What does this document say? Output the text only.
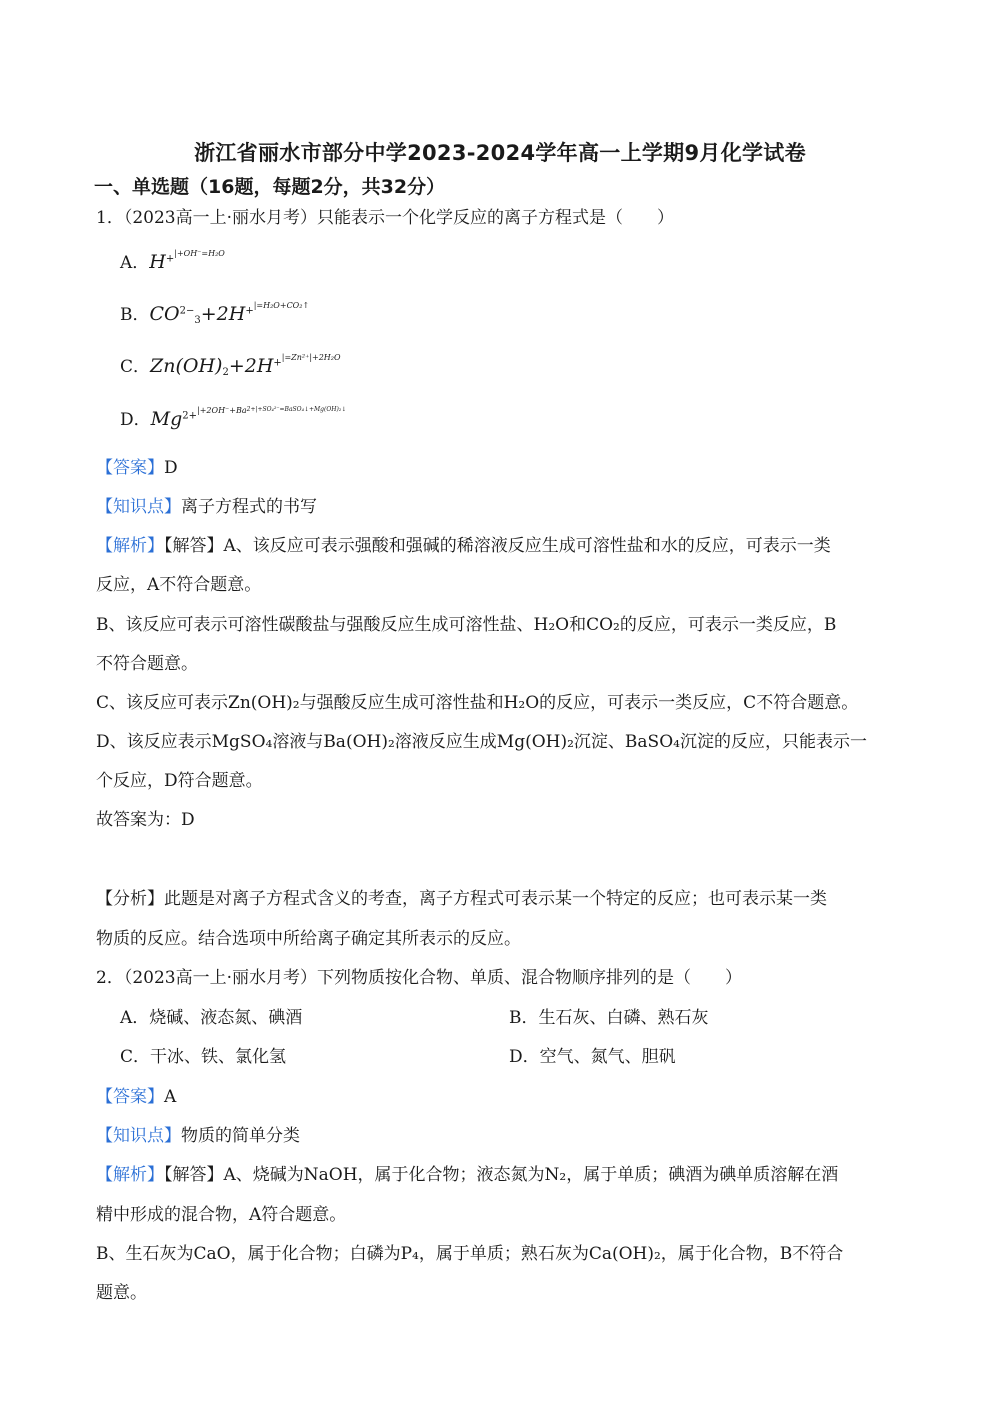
浙江省丽水市部分中学2023-2024学年高一上学期9月化学试卷
一、单选题（16题，每题2分，共32分）
1．（2023高一上·丽水月考）只能表示一个化学反应的离子方程式是（　　）
A．$H^{+|+OH^-=H_2O}$
B．$CO^{2-}_3+2H^{+|=H_2O+CO_2↑}$
C．$Zn(OH)_2+2H^{+|=Zn^{2+}|+2H_2O}$
D．$Mg^{2+|+2OH^-+Ba2+|+SO_4^{2-}=BaSO_4↓+Mg(OH)_2↓}$
【答案】D
【知识点】离子方程式的书写
【解析】【解答】A、该反应可表示强酸和强碱的稀溶液反应生成可溶性盐和水的反应，可表示一类
反应，A不符合题意。
B、该反应可表示可溶性碳酸盐与强酸反应生成可溶性盐、H₂O和CO₂的反应，可表示一类反应，B
不符合题意。
C、该反应可表示Zn(OH)₂与强酸反应生成可溶性盐和H₂O的反应，可表示一类反应，C不符合题意。
D、该反应表示MgSO₄溶液与Ba(OH)₂溶液反应生成Mg(OH)₂沉淀、BaSO₄沉淀的反应，只能表示一
个反应，D符合题意。
故答案为：D
【分析】此题是对离子方程式含义的考查，离子方程式可表示某一个特定的反应；也可表示某一类
物质的反应。结合选项中所给离子确定其所表示的反应。
2．（2023高一上·丽水月考）下列物质按化合物、单质、混合物顺序排列的是（　　）
A．烧碱、液态氮、碘酒	B．生石灰、白磷、熟石灰
C．干冰、铁、氯化氢	D．空气、氮气、胆矾
【答案】A
【知识点】物质的简单分类
【解析】【解答】A、烧碱为NaOH，属于化合物；液态氮为N₂，属于单质；碘酒为碘单质溶解在酒
精中形成的混合物，A符合题意。
B、生石灰为CaO，属于化合物；白磷为P₄，属于单质；熟石灰为Ca(OH)₂，属于化合物，B不符合
题意。
